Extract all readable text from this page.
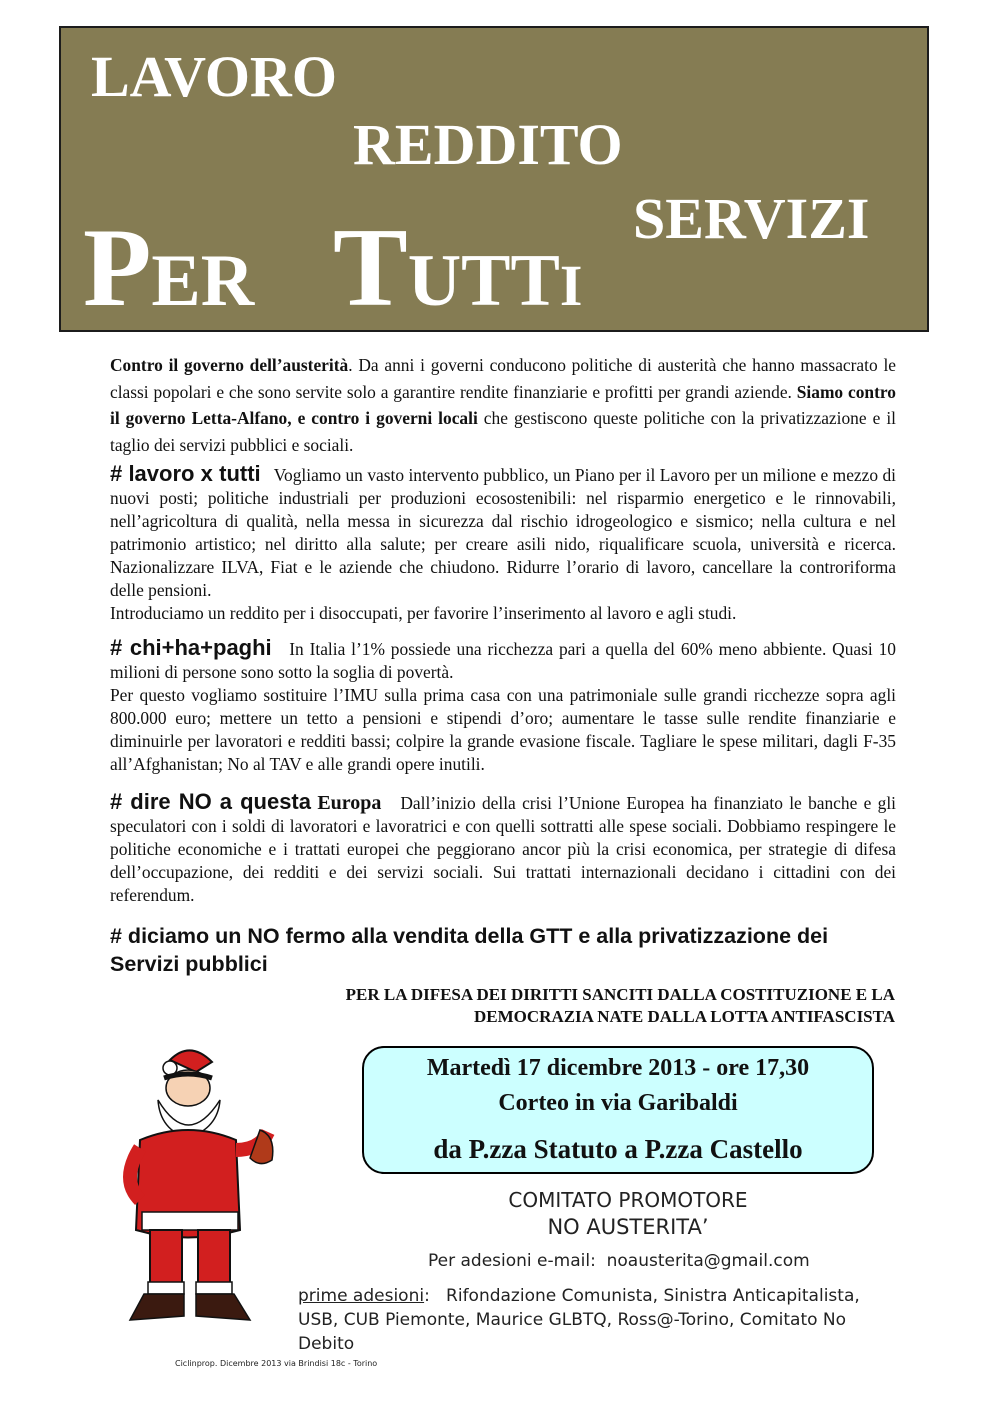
LAVORO
REDDITO
SERVIZI
PER TUTTI

Contro il governo dell’austerità. Da anni i governi conducono politiche di austerità che hanno massacrato le classi popolari e che sono servite solo a garantire rendite finanziarie e profitti per grandi aziende. Siamo contro il governo Letta-Alfano, e contro i governi locali che gestiscono queste politiche con la privatizzazione e il taglio dei servizi pubblici e sociali.

# lavoro x tutti Vogliamo un vasto intervento pubblico, un Piano per il Lavoro per un milione e mezzo di nuovi posti; politiche industriali per produzioni ecosostenibili: nel risparmio energetico e le rinnovabili, nell’agricoltura di qualità, nella messa in sicurezza dal rischio idrogeologico e sismico; nella cultura e nel patrimonio artistico; nel diritto alla salute; per creare asili nido, riqualificare scuola, università e ricerca. Nazionalizzare ILVA, Fiat e le aziende che chiudono. Ridurre l’orario di lavoro, cancellare la controriforma delle pensioni.

Introduciamo un reddito per i disoccupati, per favorire l’inserimento al lavoro e agli studi.

# chi+ha+paghi In Italia l’1% possiede una ricchezza pari a quella del 60% meno abbiente. Quasi 10 milioni di persone sono sotto la soglia di povertà.

Per questo vogliamo sostituire l’IMU sulla prima casa con una patrimoniale sulle grandi ricchezze sopra agli 800.000 euro; mettere un tetto a pensioni e stipendi d’oro; aumentare le tasse sulle rendite finanziarie e diminuirle per lavoratori e redditi bassi; colpire la grande evasione fiscale. Tagliare le spese militari, dagli F-35 all’Afghanistan; No al TAV e alle grandi opere inutili.

# dire NO a questa Europa Dall’inizio della crisi l’Unione Europea ha finanziato le banche e gli speculatori con i soldi di lavoratori e lavoratrici e con quelli sottratti alle spese sociali. Dobbiamo respingere le politiche economiche e i trattati europei che peggiorano ancor più la crisi economica, per strategie di difesa dell’occupazione, dei redditi e dei servizi sociali. Sui trattati internazionali decidano i cittadini con dei referendum.

# diciamo un NO fermo alla vendita della GTT e alla privatizzazione dei Servizi pubblici
PER LA DIFESA DEI DIRITTI SANCITI DALLA COSTITUZIONE E LA
DEMOCRAZIA NATE DALLA LOTTA ANTIFASCISTA
Martedì 17 dicembre 2013 - ore 17,30
Corteo in via Garibaldi
da P.zza Statuto a P.zza Castello
COMITATO PROMOTORE
NO AUSTERITA’
Per adesioni e-mail: noausterita@gmail.com
prime adesioni:   Rifondazione Comunista, Sinistra Anticapitalista, USB, CUB Piemonte, Maurice GLBTQ, Ross@-Torino, Comitato No Debito
Ciclinprop. Dicembre 2013 via Brindisi 18c - Torino
